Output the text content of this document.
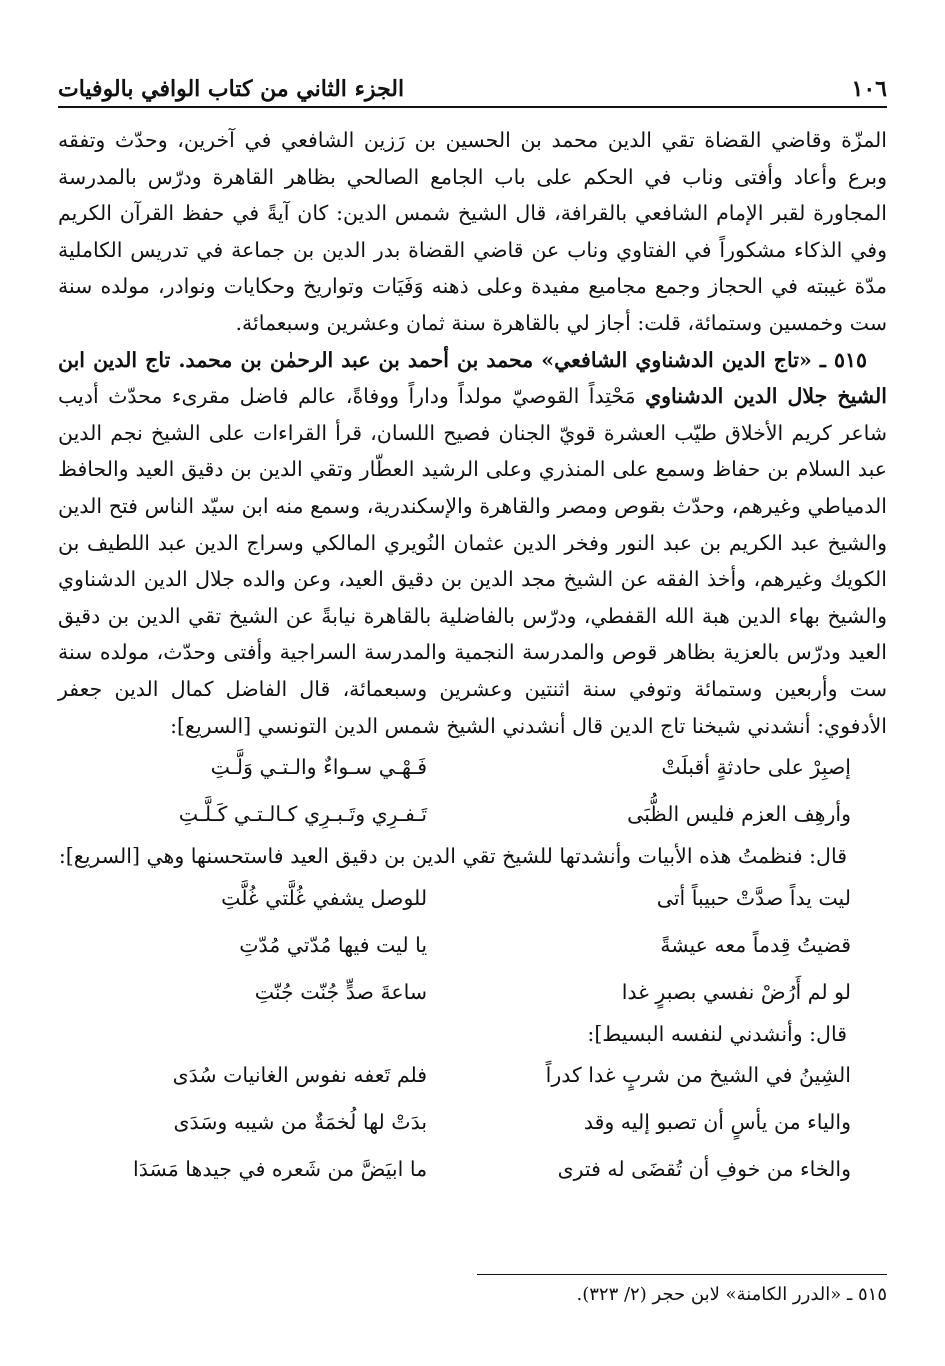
١٠٦
الجزء الثاني من كتاب الوافي بالوفيات

المزّة وقاضي القضاة تقي الدين محمد بن الحسين بن رَزين الشافعي في آخرين، وحدّث وتفقه وبرع وأعاد وأفتى وناب في الحكم على باب الجامع الصالحي بظاهر القاهرة ودرّس بالمدرسة المجاورة لقبر الإمام الشافعي بالقرافة، قال الشيخ شمس الدين: كان آيةً في حفظ القرآن الكريم وفي الذكاء مشكوراً في الفتاوي وناب عن قاضي القضاة بدر الدين بن جماعة في تدريس الكاملية مدّة غيبته في الحجاز وجمع مجاميع مفيدة وعلى ذهنه وَفَيَات وتواريخ وحكايات ونوادر، مولده سنة ست وخمسين وستمائة، قلت: أجاز لي بالقاهرة سنة ثمان وعشرين وسبعمائة.

٥١٥ ـ «تاج الدين الدشناوي الشافعي» محمد بن أحمد بن عبد الرحمٰن بن محمد. تاج الدين ابن الشيخ جلال الدين الدشناوي مَحْتِداً القوصيّ مولداً وداراً ووفاةً، عالم فاضل مقرىء محدّث أديب شاعر كريم الأخلاق طيّب العشرة قويّ الجنان فصيح اللسان، قرأ القراءات على الشيخ نجم الدين عبد السلام بن حفاظ وسمع على المنذري وعلى الرشيد العطّار وتقي الدين بن دقيق العيد والحافظ الدمياطي وغيرهم، وحدّث بقوص ومصر والقاهرة والإسكندرية، وسمع منه ابن سيّد الناس فتح الدين والشيخ عبد الكريم بن عبد النور وفخر الدين عثمان النُويري المالكي وسراج الدين عبد اللطيف بن الكويك وغيرهم، وأخذ الفقه عن الشيخ مجد الدين بن دقيق العيد، وعن والده جلال الدين الدشناوي والشيخ بهاء الدين هبة الله القفطي، ودرّس بالفاضلية بالقاهرة نيابةً عن الشيخ تقي الدين بن دقيق العيد ودرّس بالعزية بظاهر قوص والمدرسة النجمية والمدرسة السراجية وأفتى وحدّث، مولده سنة ست وأربعين وستمائة وتوفي سنة اثنتين وعشرين وسبعمائة، قال الفاضل كمال الدين جعفر الأدفوي: أنشدني شيخنا تاج الدين قال أنشدني الشيخ شمس الدين التونسي [السريع]:

إصبِرْ على حادثةٍ أقبلَتْ
فَـهْـي سـواءٌ والـتـي وَلَّـتِ
وأرهِف العزم فليس الظُّبَى
تَـفـرِي وتَـبـرِي كـالـتـي كَـلَّـتِ

قال: فنظمتُ هذه الأبيات وأنشدتها للشيخ تقي الدين بن دقيق العيد فاستحسنها وهي [السريع]:

ليت يداً صدَّتْ حبيباً أتى
للوصل يشفي غُلَّتي غُلَّتِ
قضيتُ قِدماً معه عيشةً
يا ليت فيها مُدّتي مُدّتِ
لو لم أَرُضْ نفسي بصبرٍ غدا
ساعةَ صدٍّ جُنّت جُنّتِ

قال: وأنشدني لنفسه البسيط]:

الشِينُ في الشيخ من شربٍ غدا كدراً
فلم تَعفه نفوس الغانيات سُدَى
والياء من يأسٍ أن تصبو إليه وقد
بدَتْ لها لُخمَةٌ من شيبه وسَدَى
والخاء من خوفِ أن تُقضَى له فترى
ما ابيَضَّ من شَعره في جيدها مَسَدَا
٥١٥ ـ «الدرر الكامنة» لابن حجر (٢/ ٣٢٣).
